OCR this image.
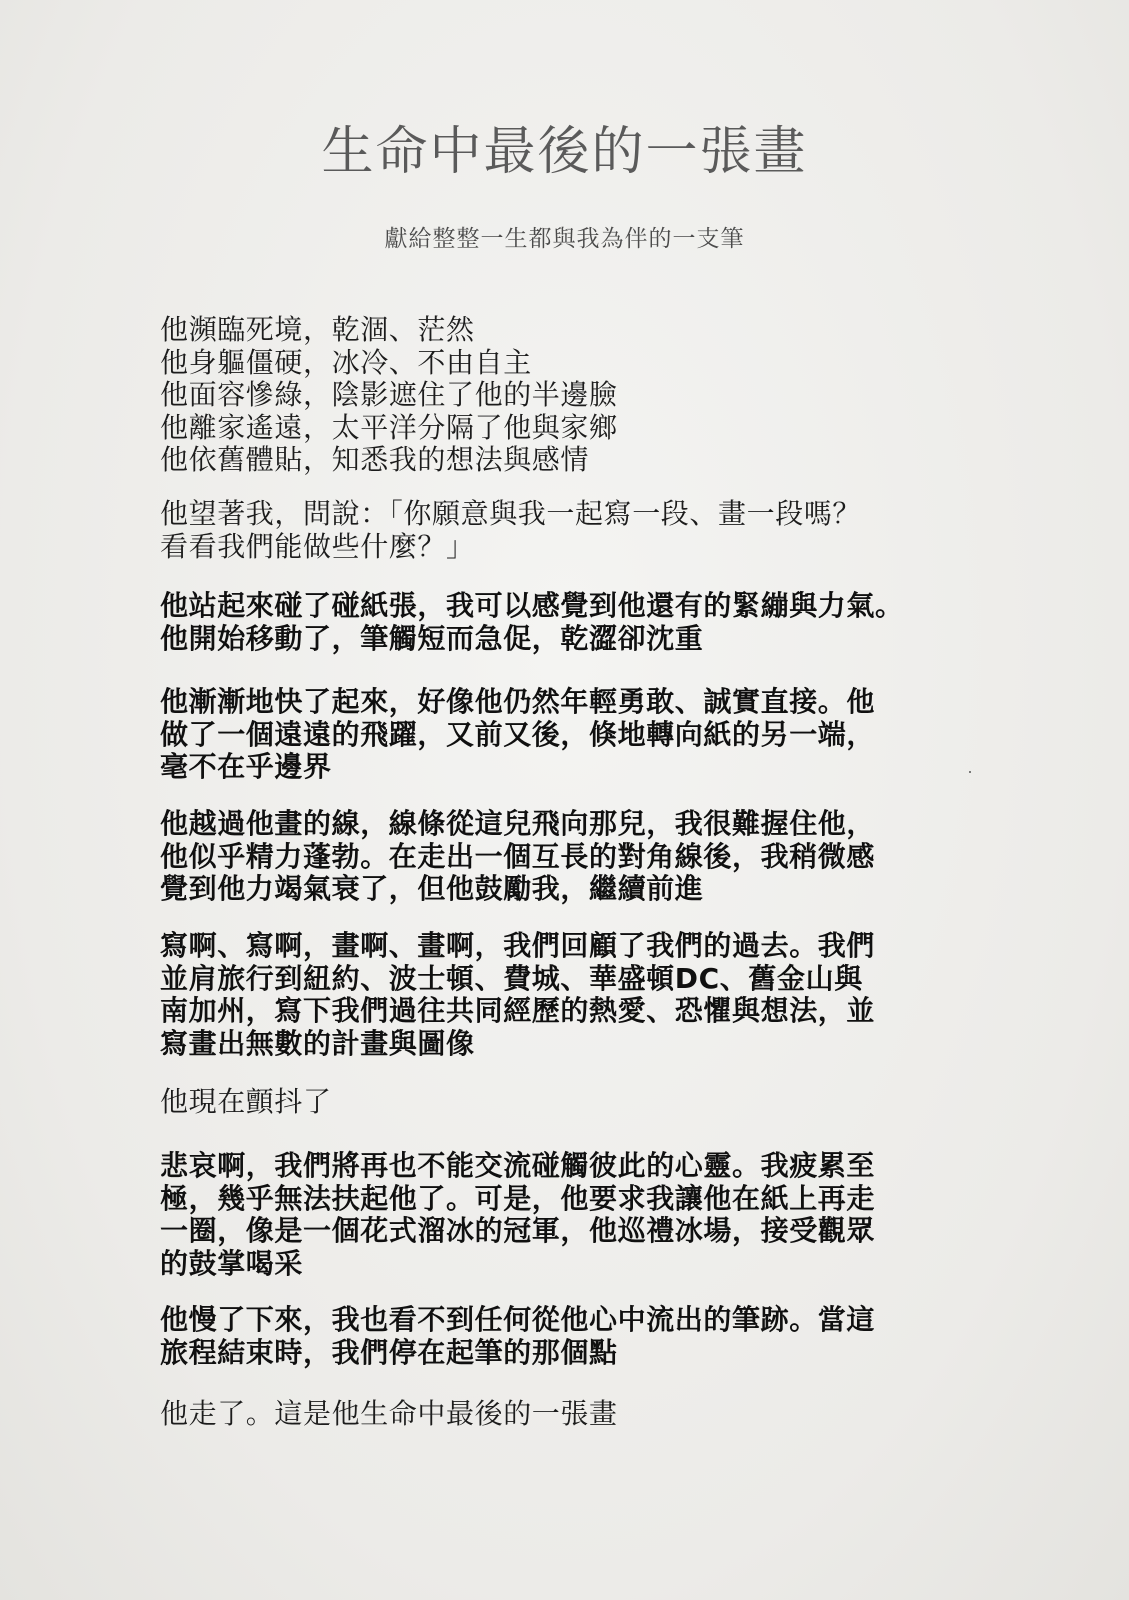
生命中最後的一張畫
獻給整整一生都與我為伴的一支筆
他瀕臨死境，乾涸、茫然
他身軀僵硬，冰冷、不由自主
他面容慘綠，陰影遮住了他的半邊臉
他離家遙遠，太平洋分隔了他與家鄉
他依舊體貼，知悉我的想法與感情
他望著我，問說：「你願意與我一起寫一段、畫一段嗎？
看看我們能做些什麼？」
他站起來碰了碰紙張，我可以感覺到他還有的緊繃與力氣。
他開始移動了，筆觸短而急促，乾澀卻沈重
他漸漸地快了起來，好像他仍然年輕勇敢、誠實直接。他
做了一個遠遠的飛躍，又前又後，倏地轉向紙的另一端，
毫不在乎邊界
他越過他畫的線，線條從這兒飛向那兒，我很難握住他，
他似乎精力蓬勃。在走出一個互長的對角線後，我稍微感
覺到他力竭氣衰了，但他鼓勵我，繼續前進
寫啊、寫啊，畫啊、畫啊，我們回顧了我們的過去。我們
並肩旅行到紐約、波士頓、費城、華盛頓DC、舊金山與
南加州，寫下我們過往共同經歷的熱愛、恐懼與想法，並
寫畫出無數的計畫與圖像
他現在顫抖了
悲哀啊，我們將再也不能交流碰觸彼此的心靈。我疲累至
極，幾乎無法扶起他了。可是，他要求我讓他在紙上再走
一圈，像是一個花式溜冰的冠軍，他巡禮冰場，接受觀眾
的鼓掌喝采
他慢了下來，我也看不到任何從他心中流出的筆跡。當這
旅程結束時，我們停在起筆的那個點
他走了。這是他生命中最後的一張畫
